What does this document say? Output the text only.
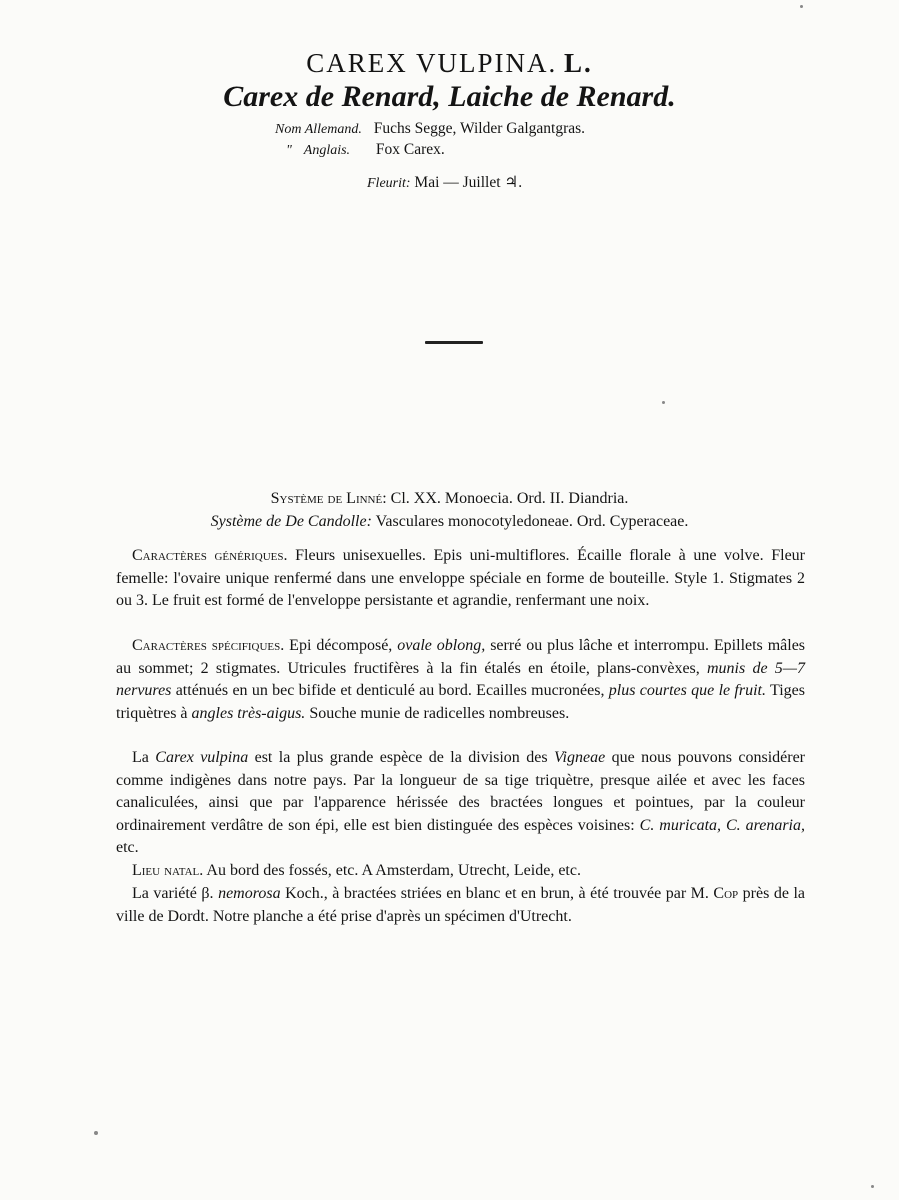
CAREX VULPINA. L.
Carex de Renard, Laiche de Renard.
Nom Allemand. Fuchs Segge, Wilder Galgantgras.
" Anglais. Fox Carex.
Fleurit: Mai — Juillet ♃.
Système de Linné: Cl. XX. Monoecia. Ord. II. Diandria.
Système de De Candolle: Vasculares monocotyledoneae. Ord. Cyperaceae.

Caractères génériques. Fleurs unisexuelles. Epis uni-multiflores. Écaille florale à une volve. Fleur femelle: l'ovaire unique renfermé dans une enveloppe spéciale en forme de bouteille. Style 1. Stigmates 2 ou 3. Le fruit est formé de l'enveloppe persistante et agrandie, renfermant une noix.

Caractères spécifiques. Epi décomposé, ovale oblong, serré ou plus lâche et interrompu. Epillets mâles au sommet; 2 stigmates. Utricules fructifères à la fin étalés en étoile, plans-convèxes, munis de 5—7 nervures atténués en un bec bifide et denticulé au bord. Ecailles mucronées, plus courtes que le fruit. Tiges triquètres à angles très-aigus. Souche munie de radicelles nombreuses.

La Carex vulpina est la plus grande espèce de la division des Vigneae que nous pouvons considérer comme indigènes dans notre pays. Par la longueur de sa tige triquètre, presque ailée et avec les faces canaliculées, ainsi que par l'apparence hérissée des bractées longues et pointues, par la couleur ordinairement verdâtre de son épi, elle est bien distinguée des espèces voisines: C. muricata, C. arenaria, etc.

Lieu natal. Au bord des fossés, etc. A Amsterdam, Utrecht, Leide, etc.

La variété β. nemorosa Koch., à bractées striées en blanc et en brun, à été trouvée par M. Cop près de la ville de Dordt. Notre planche a été prise d'après un spécimen d'Utrecht.
